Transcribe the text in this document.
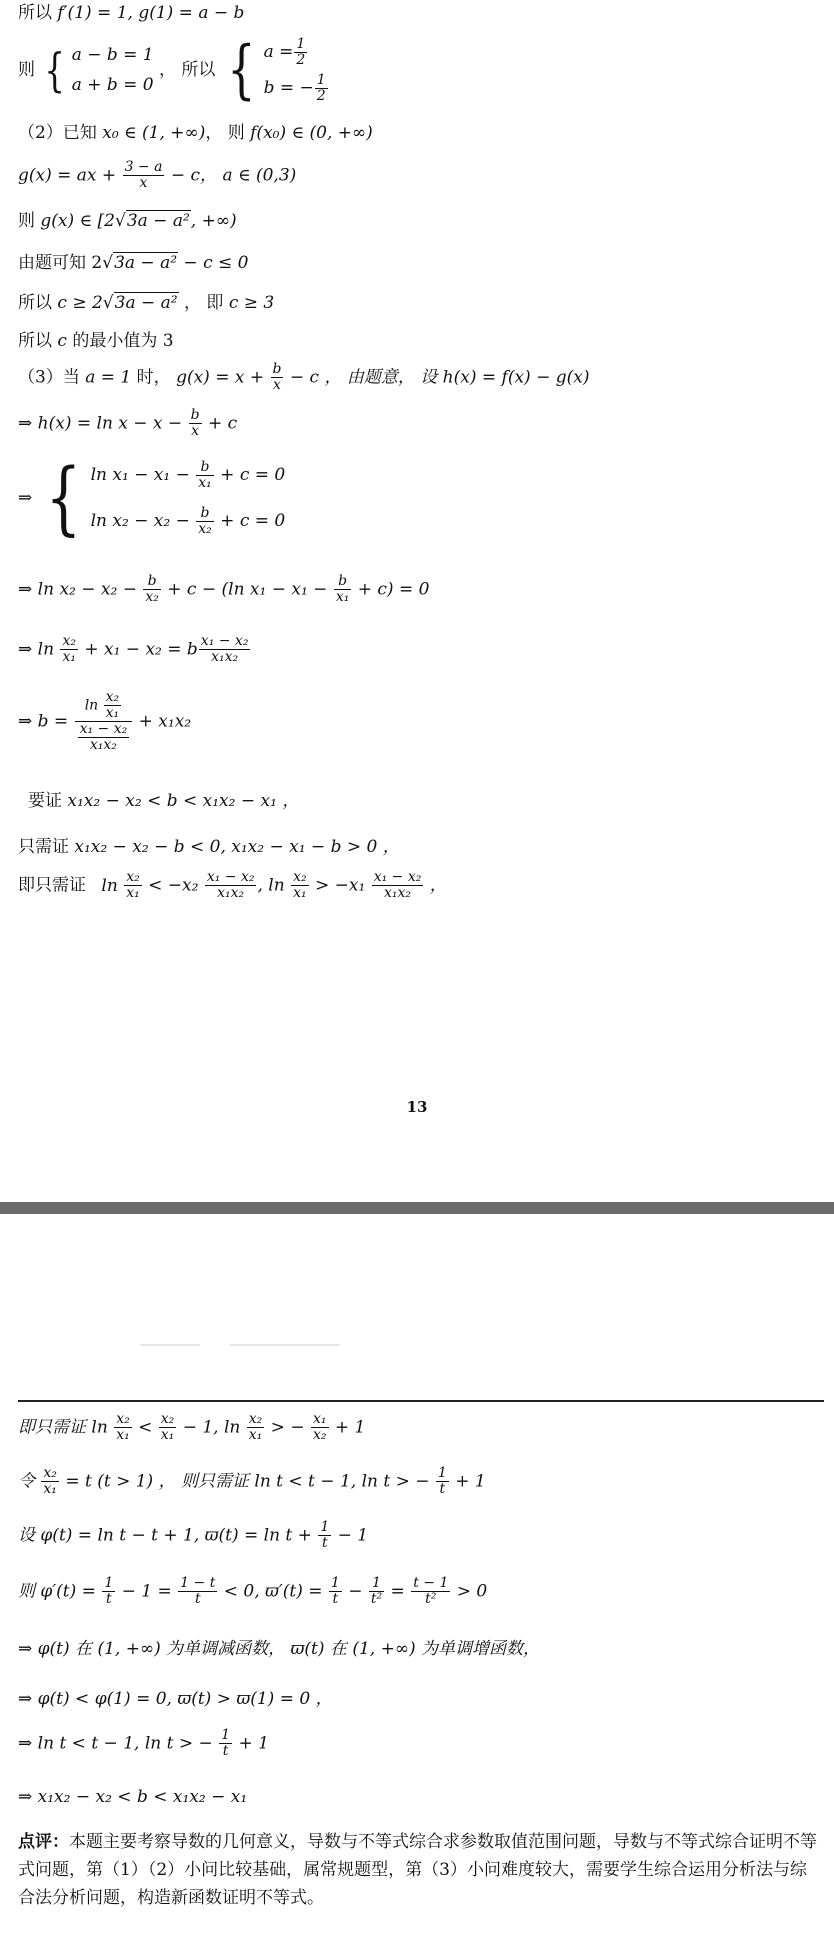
所以 f′(1) = 1, g(1) = a − b
则 { a − b = 1
a + b = 0
， 所以 { $a = \frac{1}{2}$
b = − $\frac{1}{2}$
（2）已知 x₀ ∈ (1, +∞)， 则 f(x₀) ∈ (0, +∞)
g(x) = ax + $\frac{3 - a}{x} - c$， a ∈ (0,3)
则 g(x) ∈ [2√3a − a², +∞)
由题可知 2√3a − a² − c ≤ 0
所以 c ≥ 2√3a − a² ， 即 c ≥ 3
所以 c 的最小值为 3
（3）当 a = 1 时， $g(x) = x + \frac{b}{x} - c$ ， 由题意， 设 h(x) = f(x) − g(x)
⇒ $h(x) = \ln x - x - \frac{b}{x} + c$
⇒ { $\ln x_1 - x_1 - \frac{b}{\text{x₁}} + c = 0$
$\ln x_2 - x_2 - \frac{b}{\text{x₂}} + c = 0$
⇒ $\ln x_2 - x_2 - \frac{b}{\text{x₂}} + c - (\ln$ $x_1 - x_1 - \frac{b}{\text{x₁}} + c) = 0$
⇒ $\ln \frac{\text{x₂}}{\text{x₁}} + x_1 - x_2 = b \frac{\text{x₁ − x₂}}{\text{x₁x₂}}$
⇒ $b = \frac{\ln \frac{\text{x₂}}{\text{x₁}}}{\frac{\text{x₁ − x₂}}{\text{x₁x₂}}} + x_1x_2$
要证 x₁x₂ − x₂ < b < x₁x₂ − x₁ ，
只需证 x₁x₂ − x₂ − b < 0, x₁x₂ − x₁ − b > 0 ，
即只需证 $\ln \frac{\text{x₂}}{\text{x₁}} < -x_2 \frac{\text{x₁ − x₂}}{\text{x₁x₂}}$ , $\ln \frac{\text{x₂}}{\text{x₁}} > -x_1 \frac{\text{x₁ − x₂}}{\text{x₁x₂}}$ ，
13
即只需证 $\ln \frac{\text{x₂}}{\text{x₁}} < \frac{\text{x₂}}{\text{x₁}} - 1$, $\ln \frac{\text{x₂}}{\text{x₁}}$ > − $\frac{\text{x₁}}{\text{x₂}} + 1$
令 $\frac{\text{x₂}}{\text{x₁}} = t$ (t > 1) ， 则只需证 ln t < t − 1, ln t > − $\frac{1}{t} + 1$
设 φ(t) = ln t − t + 1, $ϖ(t) = \ln t + \frac{1}{t} - 1$
则 $\varphi'(t) = \frac{1}{t} - 1 = \frac{1 - t}{t} < 0$, $ϖ'(t) = \frac{1}{t} - \frac{1}{\text{t²}} = \frac{t - 1}{\text{t²}} > 0$
⇒ φ(t) 在 (1, +∞) 为单调减函数， ϖ(t) 在 (1, +∞) 为单调增函数，
⇒ φ(t) < φ(1) = 0, ϖ(t) > ϖ(1) = 0 ，
⇒ ln t < t − 1, ln t > − $\frac{1}{t} + 1$
⇒ x₁x₂ − x₂ < b < x₁x₂ − x₁
点评：本题主要考察导数的几何意义，导数与不等式综合求参数取值范围问题，导数与不等式综合证明不等式问题，第（1）（2）小问比较基础，属常规题型，第（3）小问难度较大，需要学生综合运用分析法与综合法分析问题，构造新函数证明不等式。
